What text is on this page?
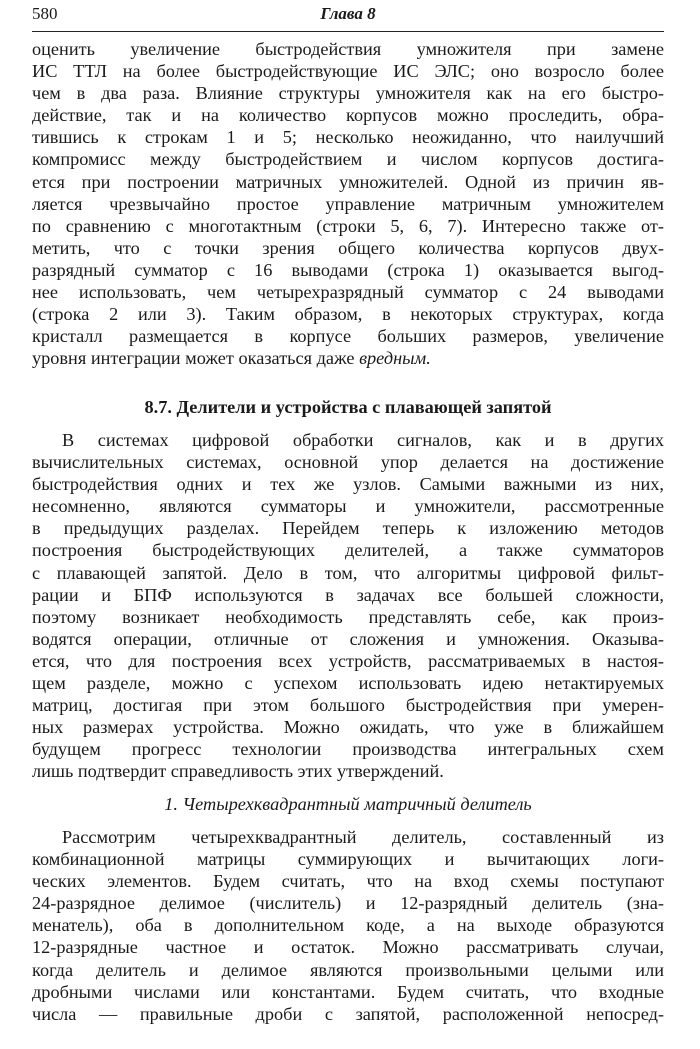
580	Глава 8
оценить увеличение быстродействия умножителя при замене
ИС ТТЛ на более быстродействующие ИС ЭЛС; оно возросло более
чем в два раза. Влияние структуры умножителя как на его быстро-
действие, так и на количество корпусов можно проследить, обра-
тившись к строкам 1 и 5; несколько неожиданно, что наилучший
компромисс между быстродействием и числом корпусов достига-
ется при построении матричных умножителей. Одной из причин яв-
ляется чрезвычайно простое управление матричным умножителем
по сравнению с многотактным (строки 5, 6, 7). Интересно также от-
метить, что с точки зрения общего количества корпусов двух-
разрядный сумматор с 16 выводами (строка 1) оказывается выгод-
нее использовать, чем четырехразрядный сумматор с 24 выводами
(строка 2 или 3). Таким образом, в некоторых структурах, когда
кристалл размещается в корпусе больших размеров, увеличение
уровня интеграции может оказаться даже вредным.
8.7. Делители и устройства с плавающей запятой
В системах цифровой обработки сигналов, как и в других
вычислительных системах, основной упор делается на достижение
быстродействия одних и тех же узлов. Самыми важными из них,
несомненно, являются сумматоры и умножители, рассмотренные
в предыдущих разделах. Перейдем теперь к изложению методов
построения быстродействующих делителей, а также сумматоров
с плавающей запятой. Дело в том, что алгоритмы цифровой фильт-
рации и БПФ используются в задачах все большей сложности,
поэтому возникает необходимость представлять себе, как произ-
водятся операции, отличные от сложения и умножения. Оказыва-
ется, что для построения всех устройств, рассматриваемых в настоя-
щем разделе, можно с успехом использовать идею нетактируемых
матриц, достигая при этом большого быстродействия при умерен-
ных размерах устройства. Можно ожидать, что уже в ближайшем
будущем прогресс технологии производства интегральных схем
лишь подтвердит справедливость этих утверждений.
1. Четырехквадрантный матричный делитель
Рассмотрим четырехквадрантный делитель, составленный из
комбинационной матрицы суммирующих и вычитающих логи-
ческих элементов. Будем считать, что на вход схемы поступают
24-разрядное делимое (числитель) и 12-разрядный делитель (зна-
менатель), оба в дополнительном коде, а на выходе образуются
12-разрядные частное и остаток. Можно рассматривать случаи,
когда делитель и делимое являются произвольными целыми или
дробными числами или константами. Будем считать, что входные
числа — правильные дроби с запятой, расположенной непосред-
